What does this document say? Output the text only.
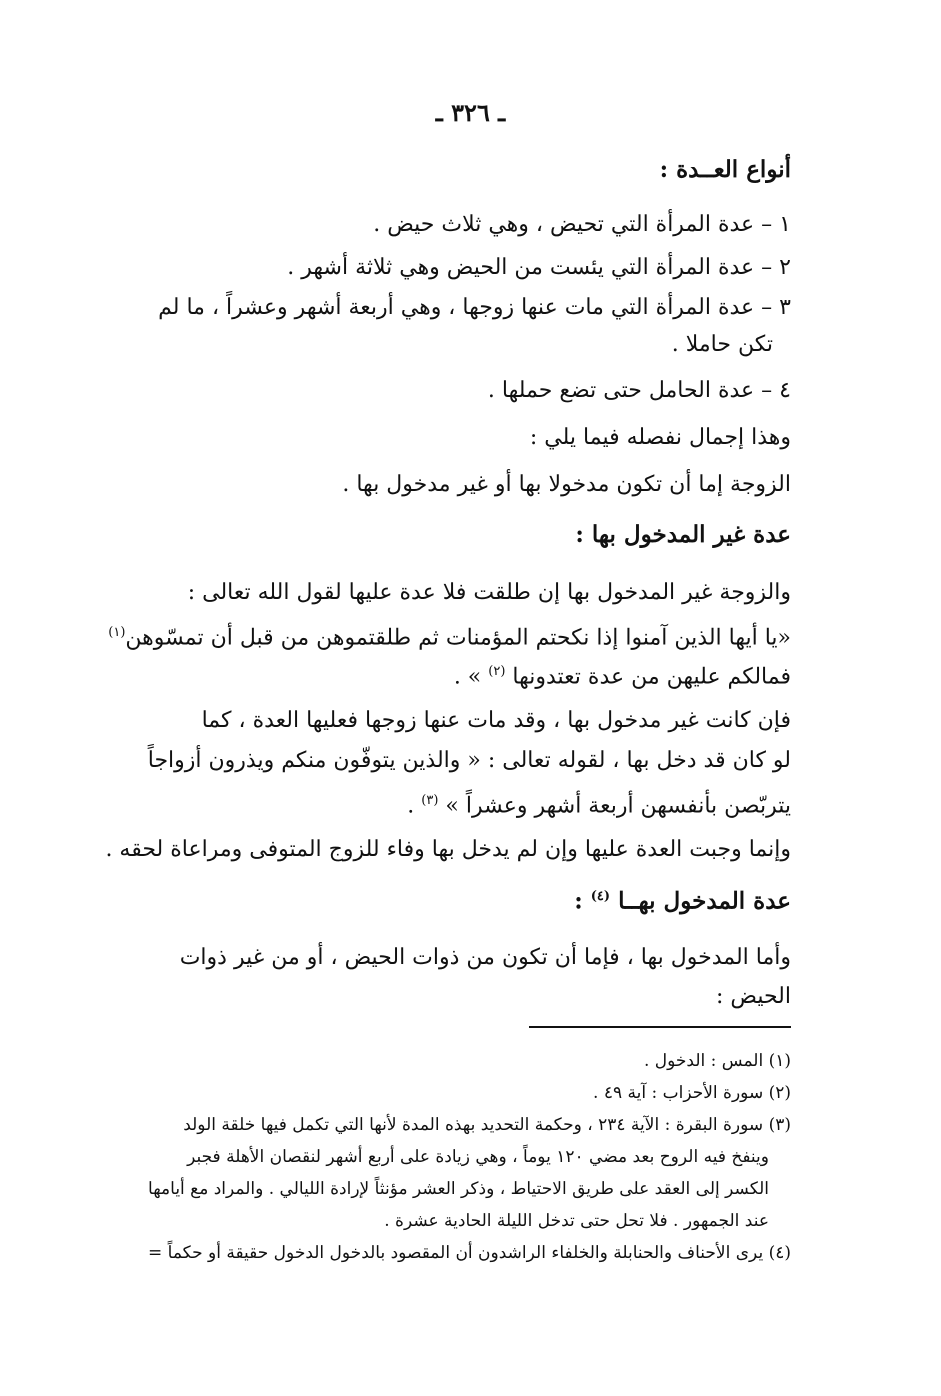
ـ ٣٢٦ ـ
أنواع العــدة :
١ – عدة المرأة التي تحيض ، وهي ثلاث حيض .
٢ – عدة المرأة التي يئست من الحيض وهي ثلاثة أشهر .
٣ – عدة المرأة التي مات عنها زوجها ، وهي أربعة أشهر وعشراً ، ما لم
تكن حاملا .
٤ – عدة الحامل حتى تضع حملها .
وهذا إجمال نفصله فيما يلي :
الزوجة إما أن تكون مدخولا بها أو غير مدخول بها .
عدة غير المدخول بها :
والزوجة غير المدخول بها إن طلقت فلا عدة عليها لقول الله تعالى :
«يا أيها الذين آمنوا إذا نكحتم المؤمنات ثم طلقتموهن من قبل أن تمسّوهن$^{(١)}$
فمالكم عليهن من عدة تعتدونها $^{(٢)}$ » .
فإن كانت غير مدخول بها ، وقد مات عنها زوجها فعليها العدة ، كما
لو كان قد دخل بها ، لقوله تعالى : « والذين يتوفّون منكم ويذرون أزواجاً
يتربّصن بأنفسهن أربعة أشهر وعشراً » $^{(٣)}$ .
وإنما وجبت العدة عليها وإن لم يدخل بها وفاء للزوج المتوفى ومراعاة لحقه .
عدة المدخول بهــا $^{(٤)}$ :
وأما المدخول بها ، فإما أن تكون من ذوات الحيض ، أو من غير ذوات
الحيض :
(١) المس : الدخول .
(٢) سورة الأحزاب : آية ٤٩ .
(٣) سورة البقرة : الآية ٢٣٤ ، وحكمة التحديد بهذه المدة لأنها التي تكمل فيها خلقة الولد
وينفخ فيه الروح بعد مضي ١٢٠ يوماً ، وهي زيادة على أربع أشهر لنقصان الأهلة فجبر
الكسر إلى العقد على طريق الاحتياط ، وذكر العشر مؤنثاً لإرادة الليالي . والمراد مع أيامها
عند الجمهور . فلا تحل حتى تدخل الليلة الحادية عشرة .
(٤) يرى الأحناف والحنابلة والخلفاء الراشدون أن المقصود بالدخول الدخول حقيقة أو حكماً =
